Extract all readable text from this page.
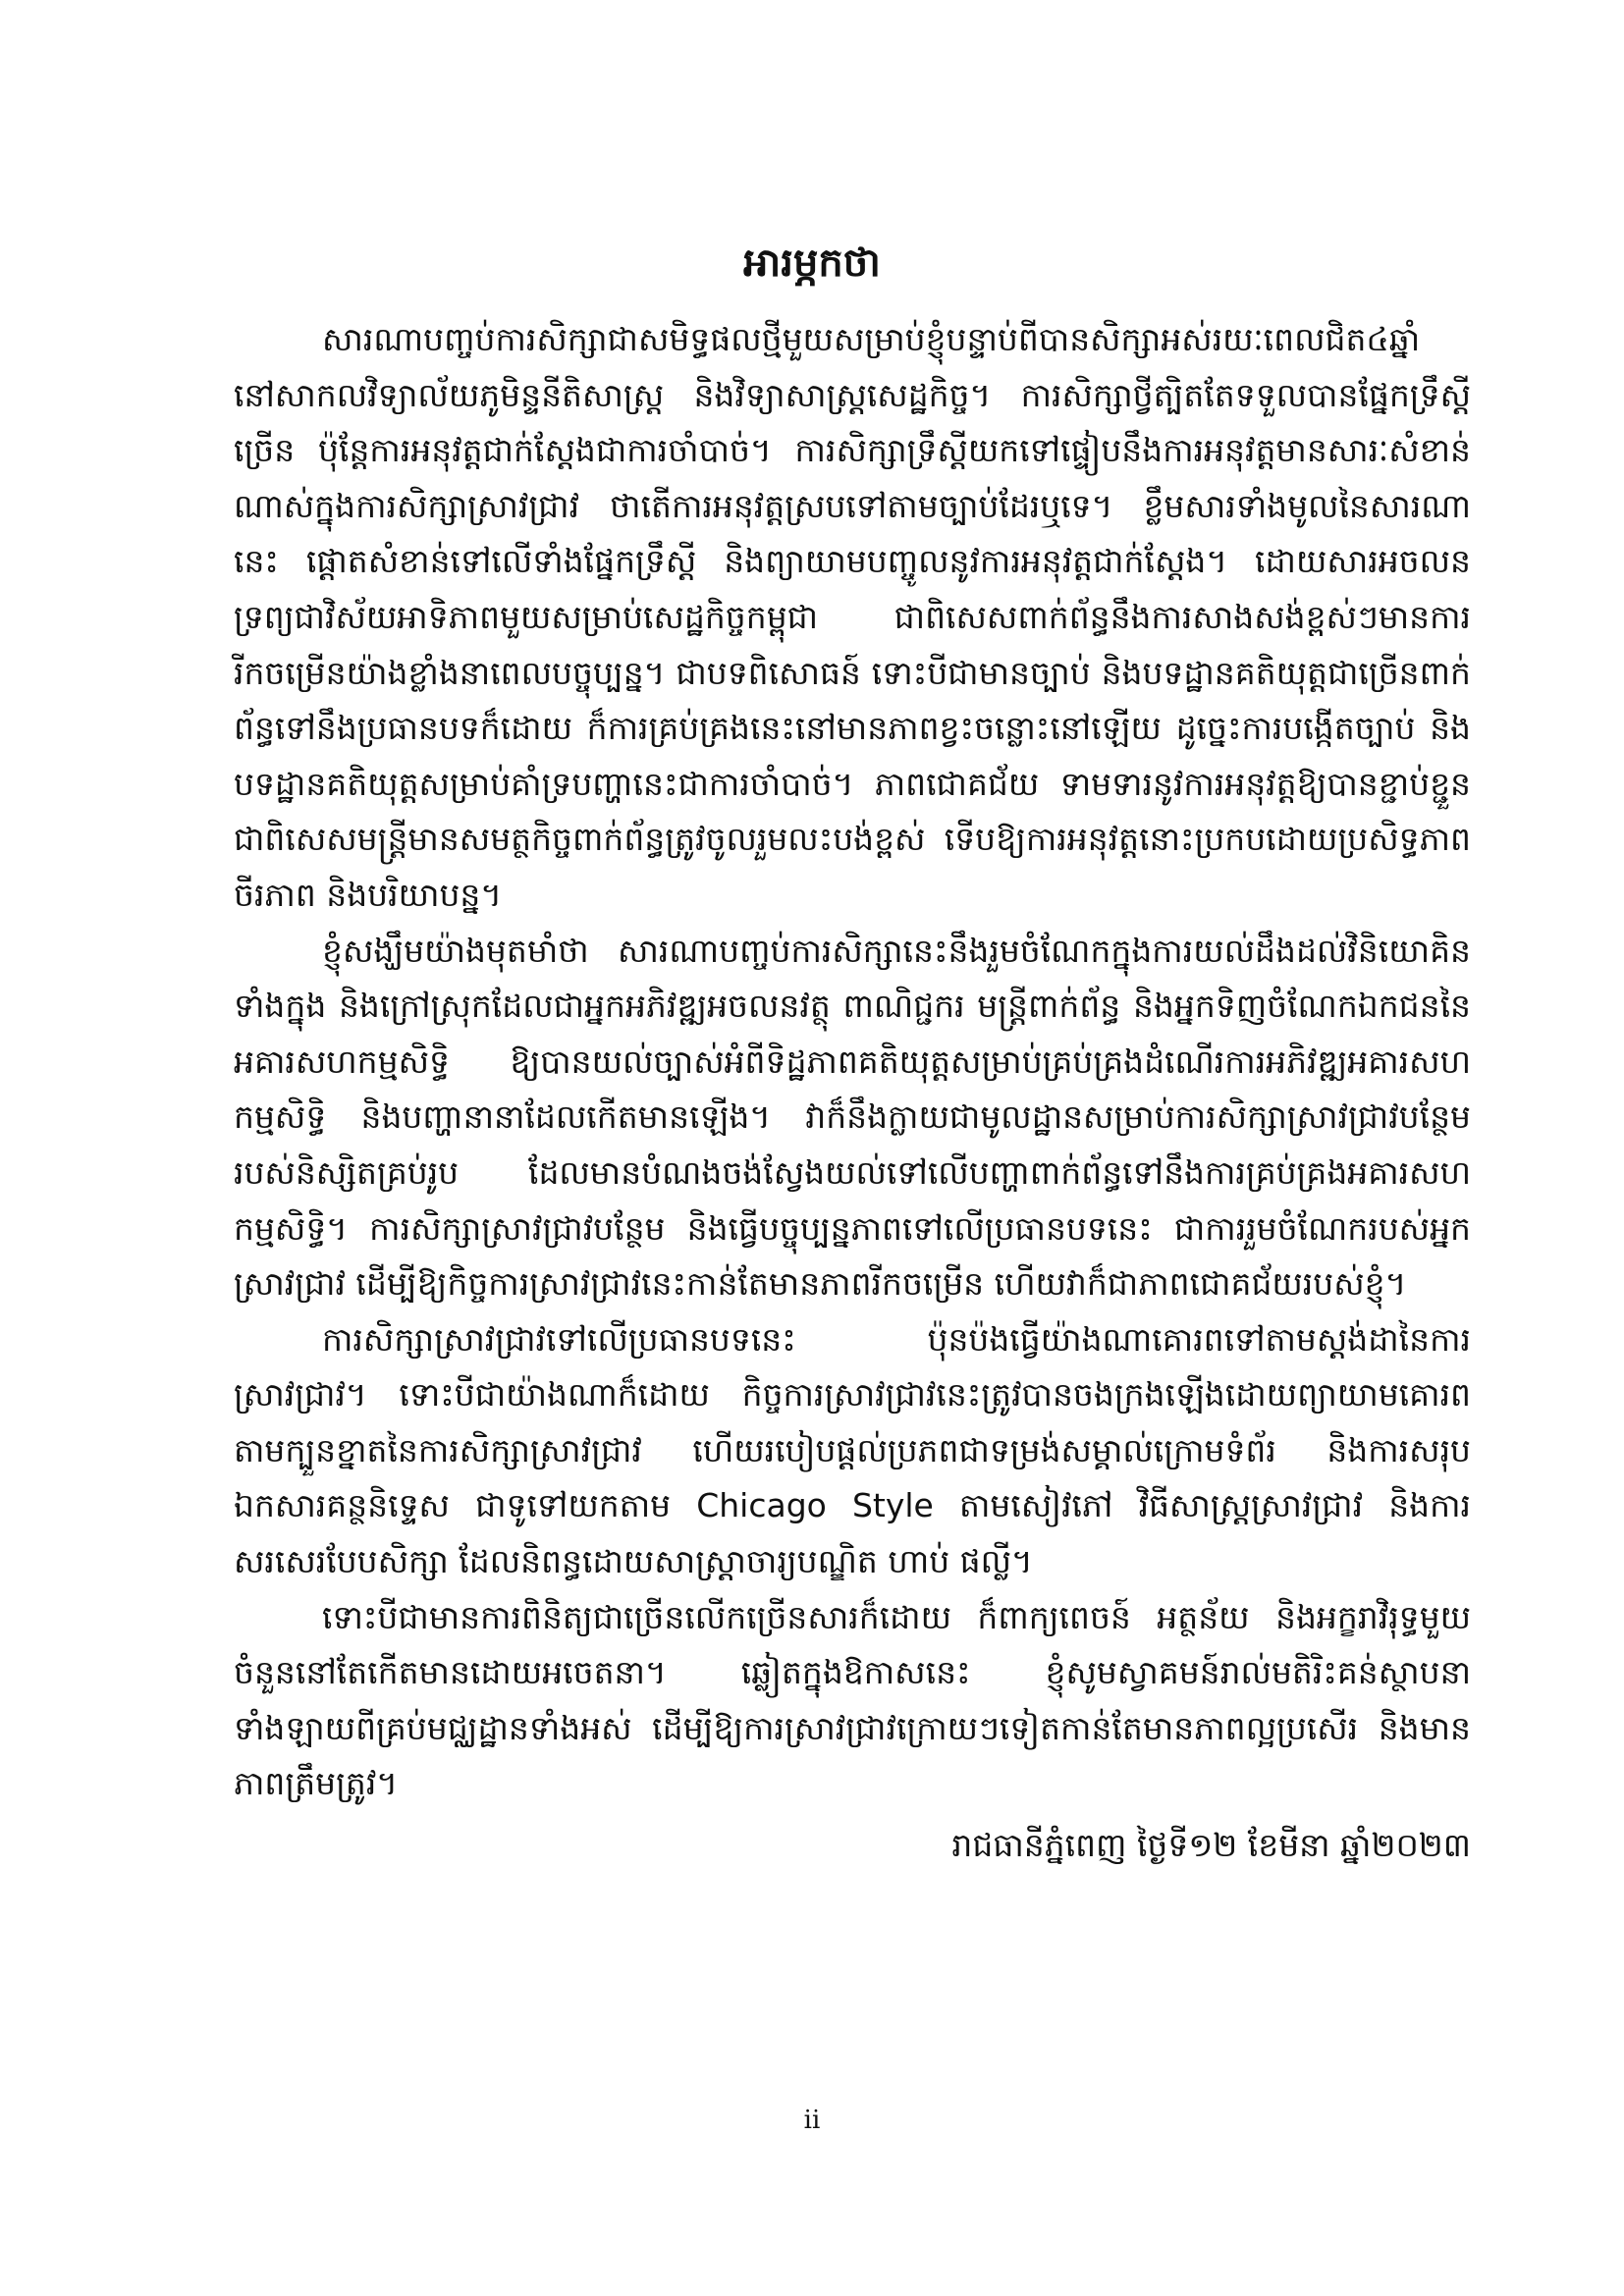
អារម្ភកថា

សារណាបញ្ចប់ការសិក្សាជាសមិទ្ធផលថ្មីមួយសម្រាប់ខ្ញុំបន្ទាប់ពីបានសិក្សាអស់រយៈពេលជិត៤ឆ្នាំ នៅសាកលវិទ្យាល័យភូមិន្ទនីតិសាស្ត្រ និងវិទ្យាសាស្ត្រសេដ្ឋកិច្ច។ ការសិក្សាថ្វីត្បិតតែទទួលបានផ្នែកទ្រឹស្តីច្រើន ប៉ុន្តែការអនុវត្តជាក់ស្តែងជាការចាំបាច់។ ការសិក្សាទ្រឹស្តីយកទៅផ្ទៀបនឹងការអនុវត្តមានសារៈសំខាន់ណាស់ក្នុងការសិក្សាស្រាវជ្រាវ ថាតើការអនុវត្តស្របទៅតាមច្បាប់ដែរឬទេ។ ខ្លឹមសារទាំងមូលនៃសារណានេះ ផ្តោតសំខាន់ទៅលើទាំងផ្នែកទ្រឹស្តី និងព្យាយាមបញ្ចូលនូវការអនុវត្តជាក់ស្តែង។ ដោយសារអចលនទ្រព្យជាវិស័យអាទិភាពមួយសម្រាប់សេដ្ឋកិច្ចកម្ពុជា ជាពិសេសពាក់ព័ន្ធនឹងការសាងសង់ខ្ពស់ៗមានការរីកចម្រើនយ៉ាងខ្លាំងនាពេលបច្ចុប្បន្ន។ ជាបទពិសោធន៍ ទោះបីជាមានច្បាប់ និងបទដ្ឋានគតិយុត្តជាច្រើនពាក់ព័ន្ធទៅនឹងប្រធានបទក៏ដោយ ក៏ការគ្រប់គ្រងនេះនៅមានភាពខ្វះចន្លោះនៅឡើយ ដូច្នេះការបង្កើតច្បាប់ និងបទដ្ឋានគតិយុត្តសម្រាប់គាំទ្របញ្ហានេះជាការចាំបាច់។ ភាពជោគជ័យ ទាមទារនូវការអនុវត្តឱ្យបានខ្ជាប់ខ្ជួន ជាពិសេសមន្ត្រីមានសមត្ថកិច្ចពាក់ព័ន្ធត្រូវចូលរួមលះបង់ខ្ពស់ ទើបឱ្យការអនុវត្តនោះប្រកបដោយប្រសិទ្ធភាព ចីរភាព និងបរិយាបន្ន។

ខ្ញុំសង្ឃឹមយ៉ាងមុតមាំថា សារណាបញ្ចប់ការសិក្សានេះនឹងរួមចំណែកក្នុងការយល់ដឹងដល់វិនិយោគិនទាំងក្នុង និងក្រៅស្រុកដែលជាអ្នកអភិវឌ្ឍអចលនវត្ថុ ពាណិជ្ជករ មន្ត្រីពាក់ព័ន្ធ និងអ្នកទិញចំណែកឯកជននៃអគារសហកម្មសិទ្ធិ ឱ្យបានយល់ច្បាស់អំពីទិដ្ឋភាពគតិយុត្តសម្រាប់គ្រប់គ្រងដំណើរការអភិវឌ្ឍអគារសហកម្មសិទ្ធិ និងបញ្ហានានាដែលកើតមានឡើង។ វាក៏នឹងក្លាយជាមូលដ្ឋានសម្រាប់ការសិក្សាស្រាវជ្រាវបន្ថែមរបស់និស្សិតគ្រប់រូប ដែលមានបំណងចង់ស្វែងយល់ទៅលើបញ្ហាពាក់ព័ន្ធទៅនឹងការគ្រប់គ្រងអគារសហកម្មសិទ្ធិ។ ការសិក្សាស្រាវជ្រាវបន្ថែម និងធ្វើបច្ចុប្បន្នភាពទៅលើប្រធានបទនេះ ជាការរួមចំណែករបស់អ្នកស្រាវជ្រាវ ដើម្បីឱ្យកិច្ចការស្រាវជ្រាវនេះកាន់តែមានភាពរីកចម្រើន ហើយវាក៏ជាភាពជោគជ័យរបស់ខ្ញុំ។

ការសិក្សាស្រាវជ្រាវទៅលើប្រធានបទនេះ ប៉ុនប៉ងធ្វើយ៉ាងណាគោរពទៅតាមស្តង់ដានៃការស្រាវជ្រាវ។ ទោះបីជាយ៉ាងណាក៏ដោយ កិច្ចការស្រាវជ្រាវនេះត្រូវបានចងក្រងឡើងដោយព្យាយាមគោរពតាមក្បួនខ្នាតនៃការសិក្សាស្រាវជ្រាវ ហើយរបៀបផ្តល់ប្រភពជាទម្រង់សម្គាល់ក្រោមទំព័រ និងការសរុបឯកសារគន្ថនិទ្ទេស ជាទូទៅយកតាម Chicago Style តាមសៀវភៅ វិធីសាស្ត្រស្រាវជ្រាវ និងការសរសេរបែបសិក្សា ដែលនិពន្ធដោយសាស្ត្រាចារ្យបណ្ឌិត ហាប់ ផល្លី។

ទោះបីជាមានការពិនិត្យជាច្រើនលើកច្រើនសារក៏ដោយ ក៏ពាក្យពេចន៍ អត្ថន័យ និងអក្ខរាវិរុទ្ធមួយចំនួននៅតែកើតមានដោយអចេតនា។ ឆ្លៀតក្នុងឱកាសនេះ ខ្ញុំសូមស្វាគមន៍រាល់មតិរិះគន់ស្ថាបនាទាំងឡាយពីគ្រប់មជ្ឈដ្ឋានទាំងអស់ ដើម្បីឱ្យការស្រាវជ្រាវក្រោយៗទៀតកាន់តែមានភាពល្អប្រសើរ និងមានភាពត្រឹមត្រូវ។

រាជធានីភ្នំពេញ ថ្ងៃទី១២ ខែមីនា ឆ្នាំ២០២៣

ii
